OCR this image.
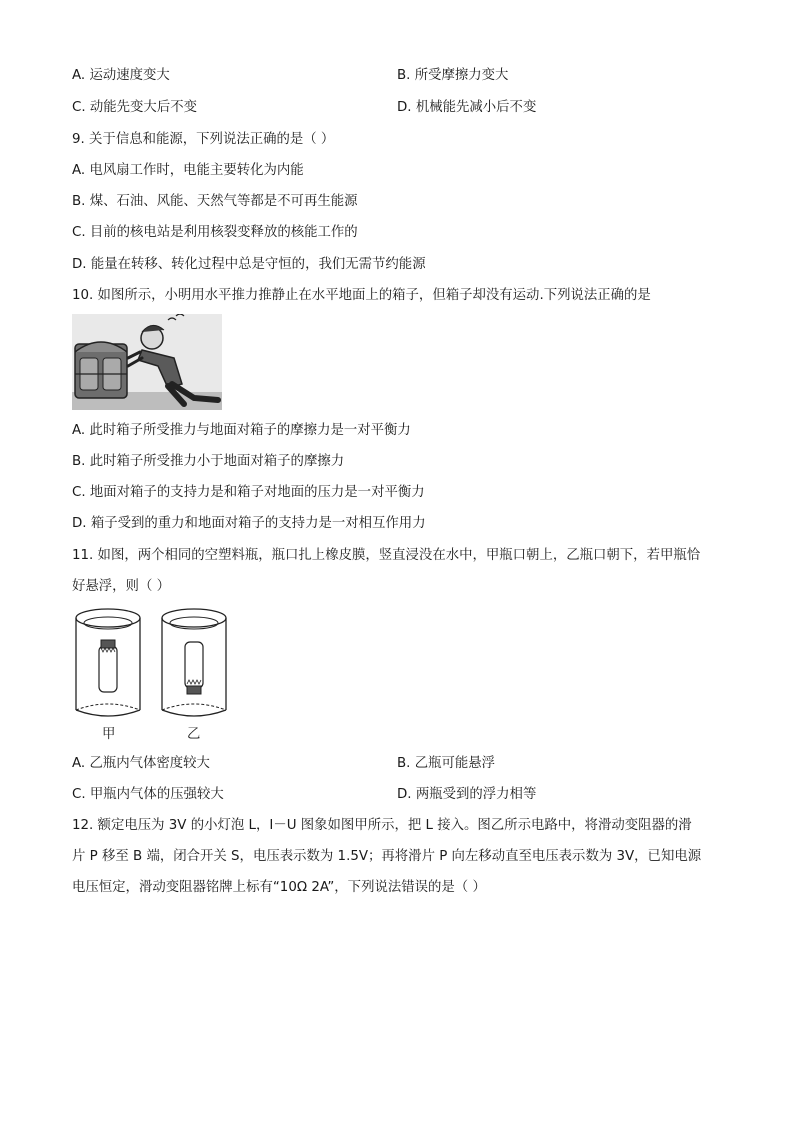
A. 运动速度变大	B. 所受摩擦力变大
C. 动能先变大后不变	D. 机械能先减小后不变
9. 关于信息和能源，下列说法正确的是（ ）
A. 电风扇工作时，电能主要转化为内能
B. 煤、石油、风能、天然气等都是不可再生能源
C. 目前的核电站是利用核裂变释放的核能工作的
D. 能量在转移、转化过程中总是守恒的，我们无需节约能源
10. 如图所示，小明用水平推力推静止在水平地面上的箱子，但箱子却没有运动.下列说法正确的是
A. 此时箱子所受推力与地面对箱子的摩擦力是一对平衡力
B. 此时箱子所受推力小于地面对箱子的摩擦力
C. 地面对箱子的支持力是和箱子对地面的压力是一对平衡力
D. 箱子受到的重力和地面对箱子的支持力是一对相互作用力
11. 如图，两个相同的空塑料瓶，瓶口扎上橡皮膜，竖直浸没在水中，甲瓶口朝上，乙瓶口朝下，若甲瓶恰
好悬浮，则（ ）
甲	乙
A. 乙瓶内气体密度较大	B. 乙瓶可能悬浮
C. 甲瓶内气体的压强较大	D. 两瓶受到的浮力相等
12. 额定电压为 3V 的小灯泡 L，I－U 图象如图甲所示，把 L 接入。图乙所示电路中，将滑动变阻器的滑
片 P 移至 B 端，闭合开关 S，电压表示数为 1.5V；再将滑片 P 向左移动直至电压表示数为 3V，已知电源
电压恒定，滑动变阻器铭牌上标有“10Ω 2A”，下列说法错误的是（ ）
